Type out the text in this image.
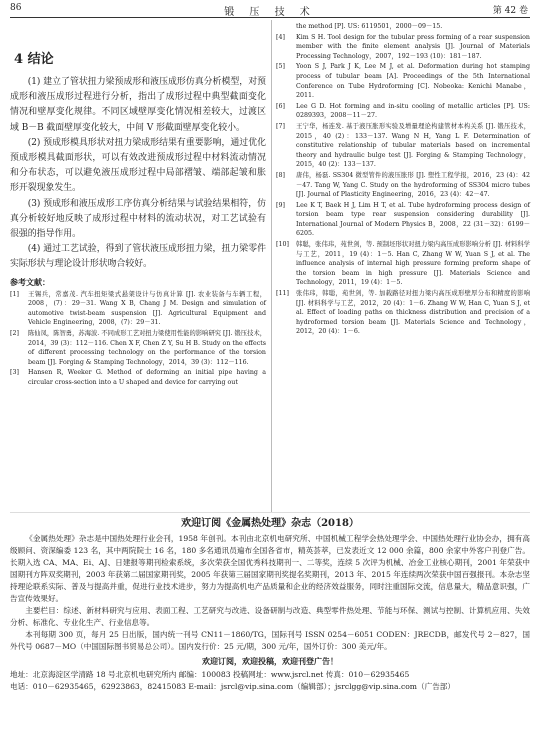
86	锻 压 技 术	第 42 卷
4 结论

(1) 建立了管状扭力梁预成形和液压成形仿真分析模型，对预成形和液压成形过程进行分析，指出了成形过程中典型截面变化情况和壁厚变化规律。不同区域壁厚变化情况相差较大，过渡区域 B－B 截面壁厚变化较大，中间 V 形截面壁厚变化较小。

(2) 预成形模具形状对扭力梁成形结果有重要影响，通过优化预成形模具截面形状，可以有效改进预成形过程中材料流动情况和分布状态，可以避免液压成形过程中局部褶皱、端部起皱和胀形开裂现象发生。

(3) 预成形和液压成形工序仿真分析结果与试验结果相符，仿真分析较好地反映了成形过程中材料的流动状况，对工艺试验有很强的指导作用。

(4) 通过工艺试验，得到了管状液压成形扭力梁，扭力梁零件实际形状与理论设计形状吻合较好。

参考文献：
[1]	王锡兵，常嘉茂. 汽车扭矩梁式悬架设计与仿真计算 [J]. 农业装备与车辆工程，2008，(7)：29－31. Wang X B, Chang J M. Design and simulation of automotive twist-beam suspension [J]. Agricultural Equipment and Vehicle Engineering，2008，(7)：29－31.
[2]	陈仙凤，陈智勇，苏海波. 不同成形工艺对扭力梁使用性能的影响研究 [J]. 锻压技术，2014，39 (3)：112－116. Chen X F, Chen Z Y, Su H B. Study on the effects of different processing technology on the performance of the torsion beam [J]. Forging & Stamping Technology，2014，39 (3)：112－116.
[3]	Hansen R, Weeker G. Method of deforming an initial pipe having a circular cross-section into a U shaped and device for carrying out
the method [P]. US: 6119501，2000－09－15.
[4]	Kim S H. Tool design for the tubular press forming of a rear suspension member with the finite element analysis [J]. Journal of Materials Processing Technology，2007，192－193 (10)：181－187.
[5]	Yoon S J, Park J K, Lee M J, et al. Deformation during hot stamping process of tubular beam [A]. Proceedings of the 5th International Conference on Tube Hydroforming [C]. Nobeoka: Kenichi Manabe，2011.
[6]	Lee G D. Hot forming and in-situ cooling of metallic articles [P]. US: 0289393，2008－11－27.
[7]	王宁华，杨连发. 基于液压胀形实验及增量理论构建管材本构关系 [J]. 锻压技术，2015，40 (2)：133－137. Wang N H, Yang L F. Determination of constitutive relationship of tubular materials based on incremental theory and hydraulic bulge test [J]. Forging & Stamping Technology，2015，40 (2)：133－137.
[8]	唐伟，杨磊. SS304 微型管件的液压胀形 [J]. 塑性工程学报，2016，23 (4)：42－47. Tang W, Yang C. Study on the hydroforming of SS304 micro tubes [J]. Journal of Plasticity Engineering，2016，23 (4)：42－47.
[9]	Lee K T, Baek H J, Lim H T, et al. Tube hydroforming process design of torsion beam type rear suspension considering durability [J]. International Journal of Modern Physics B，2008，22 (31－32)：6199－6205.
[10]	韩聪，张伟玮，苑世剑，等. 预制坯形状对扭力梁内高压成形影响分析 [J]. 材料科学与工艺，2011，19 (4)：1－5. Han C, Zhang W W, Yuan S J, et al. The influence analysis of internal high pressure forming preform shape of the torsion beam in high pressure [J]. Materials Science and Technology，2011，19 (4)：1－5.
[11]	张伟玮，韩聪，苑世剑，等. 加载路径对扭力梁内高压成形壁厚分布和精度的影响 [J]. 材料科学与工艺，2012，20 (4)：1－6. Zhang W W, Han C, Yuan S J, et al. Effect of loading paths on thickness distribution and precision of a hydroformed torsion beam [J]. Materials Science and Technology，2012，20 (4)：1－6.
欢迎订阅《金属热处理》杂志（2018）

《金属热处理》杂志是中国热处理行业会刊，1958 年创刊。本刊由北京机电研究所、中国机械工程学会热处理学会、中国热处理行业协会办，拥有高级顾问、资深编委 123 名，其中两院院士 16 名，180 多名通讯员遍布全国各省市，精英荟萃，已发表近文 12 000 余篇，800 余家中外客户刊登广告。长期入选 CA、MA、Ei、AJ、日建报等期刊检索系统，多次荣获全国优秀科技期刊一、二等奖，连续 5 次评为机械、冶金工业核心期刊，2001 年荣获中国期刊方阵双奖期刊，2003 年获第二届国家期刊奖，2005 年获第三届国家期刊奖提名奖期刊，2013 年、2015 年连续两次荣获中国百强报刊。本杂志坚持理论联系实际、普及与提高并重，促进行业技术进步，努力为提高机电产品质量和企业的经济效益服务，同时注重国际交流，信息量大，精品意识强，广告宣传效果好。

主要栏目：综述、新材料研究与应用、表面工程、工艺研究与改进、设备研制与改造、典型零件热处理、节能与环保、测试与控制、计算机应用、失效分析、标准化、专业化生产、行业信息等。

本刊每期 300 页，每月 25 日出版，国内统一刊号 CN11－1860/TG，国际刊号 ISSN 0254－6051 CODEN：JRECDB，邮发代号 2－827，国外代号 0687－MO（中国国际图书贸易总公司）。国内发行价：25 元/期，300 元/年，国外订价：300 美元/年。

欢迎订阅，欢迎投稿，欢迎刊登广告！

地址：北京海淀区学清路 18 号北京机电研究所内 邮编：100083 投稿网址：www.jsrcl.net 传真：010－62935465

电话：010－62935465，62923863，82415083 E-mail：jsrcl@vip.sina.com（编辑部）；jsrclgg@vip.sina.com（广告部）
